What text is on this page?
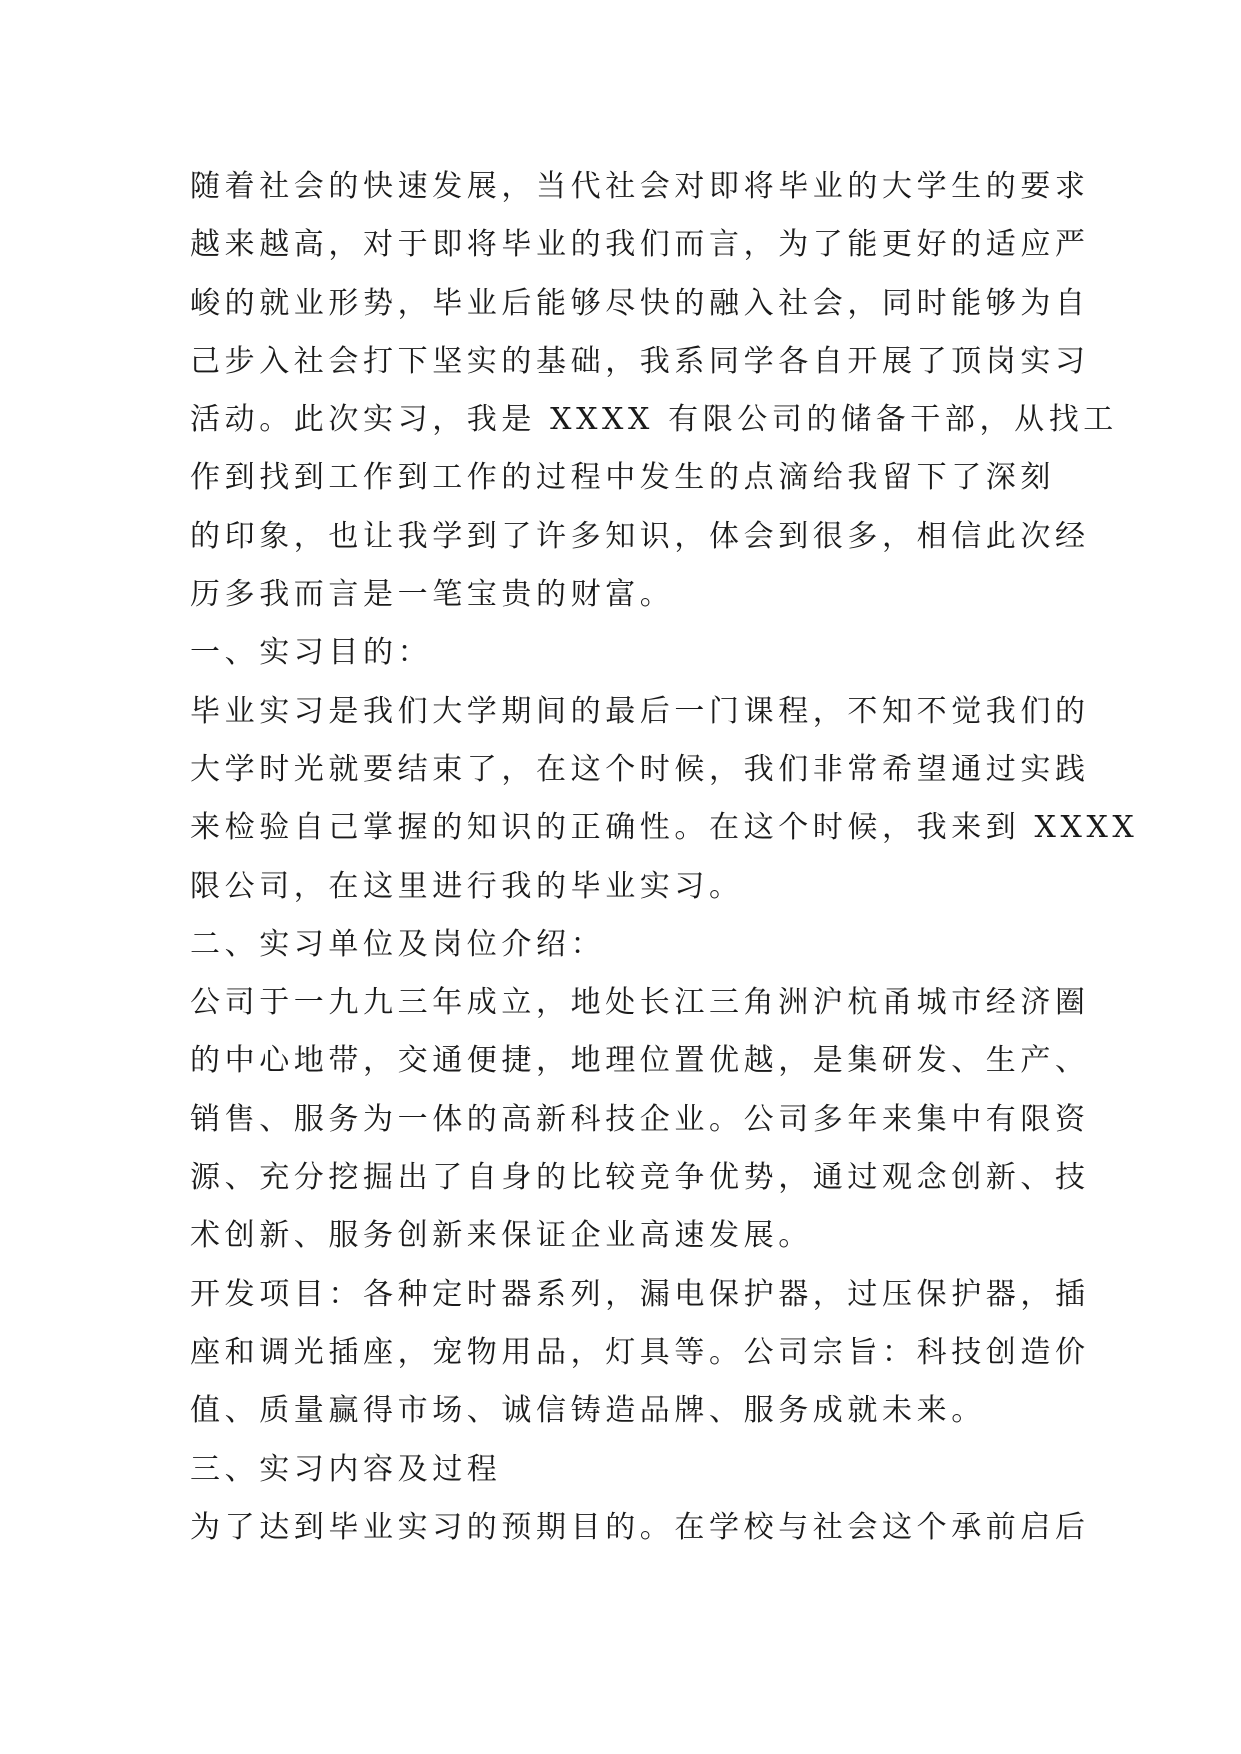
随着社会的快速发展，当代社会对即将毕业的大学生的要求
越来越高，对于即将毕业的我们而言，为了能更好的适应严
峻的就业形势，毕业后能够尽快的融入社会，同时能够为自
己步入社会打下坚实的基础，我系同学各自开展了顶岗实习
活动。此次实习，我是 XXXX 有限公司的储备干部，从找工
作到找到工作到工作的过程中发生的点滴给我留下了深刻
的印象，也让我学到了许多知识，体会到很多，相信此次经
历多我而言是一笔宝贵的财富。
一、实习目的：
毕业实习是我们大学期间的最后一门课程，不知不觉我们的
大学时光就要结束了，在这个时候，我们非常希望通过实践
来检验自己掌握的知识的正确性。在这个时候，我来到 XXXX
限公司，在这里进行我的毕业实习。
二、实习单位及岗位介绍：
公司于一九九三年成立，地处长江三角洲沪杭甬城市经济圈
的中心地带，交通便捷，地理位置优越，是集研发、生产、
销售、服务为一体的高新科技企业。公司多年来集中有限资
源、充分挖掘出了自身的比较竞争优势，通过观念创新、技
术创新、服务创新来保证企业高速发展。
开发项目：各种定时器系列，漏电保护器，过压保护器，插
座和调光插座，宠物用品，灯具等。公司宗旨：科技创造价
值、质量赢得市场、诚信铸造品牌、服务成就未来。
三、实习内容及过程
为了达到毕业实习的预期目的。在学校与社会这个承前启后
